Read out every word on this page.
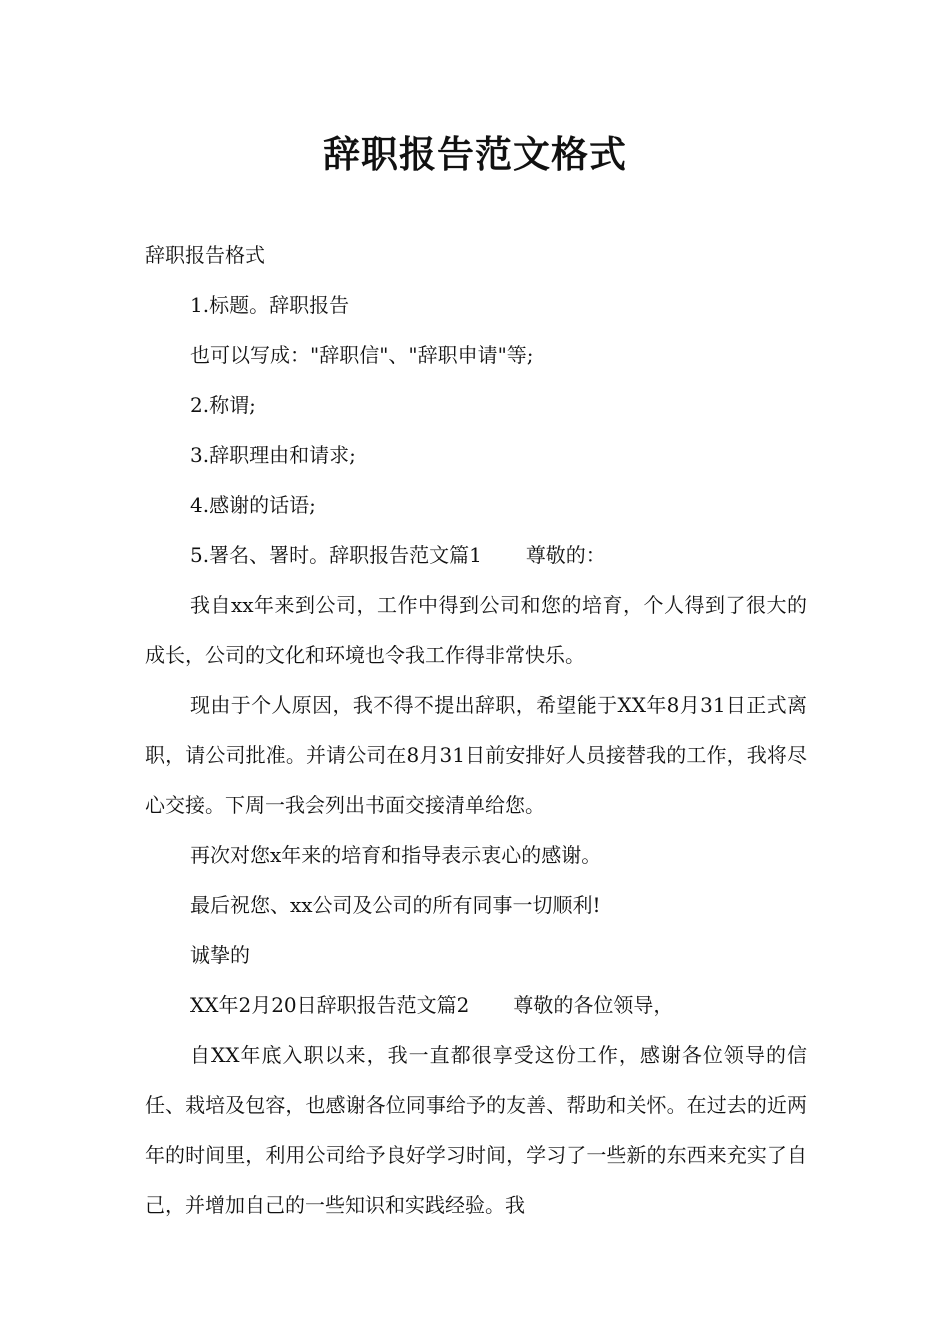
辞职报告范文格式

辞职报告格式

1.标题。辞职报告

也可以写成："辞职信"、"辞职申请"等;

2.称谓;

3.辞职理由和请求;

4.感谢的话语;

5.署名、署时。辞职报告范文篇1 尊敬的：

我自xx年来到公司，工作中得到公司和您的培育，个人得到了很大的成长，公司的文化和环境也令我工作得非常快乐。

现由于个人原因，我不得不提出辞职，希望能于XX年8月31日正式离职，请公司批准。并请公司在8月31日前安排好人员接替我的工作，我将尽心交接。下周一我会列出书面交接清单给您。

再次对您x年来的培育和指导表示衷心的感谢。

最后祝您、xx公司及公司的所有同事一切顺利!

诚挚的

XX年2月20日辞职报告范文篇2 尊敬的各位领导，

自XX年底入职以来，我一直都很享受这份工作，感谢各位领导的信任、栽培及包容，也感谢各位同事给予的友善、帮助和关怀。在过去的近两年的时间里，利用公司给予良好学习时间，学习了一些新的东西来充实了自己，并增加自己的一些知识和实践经验。我
